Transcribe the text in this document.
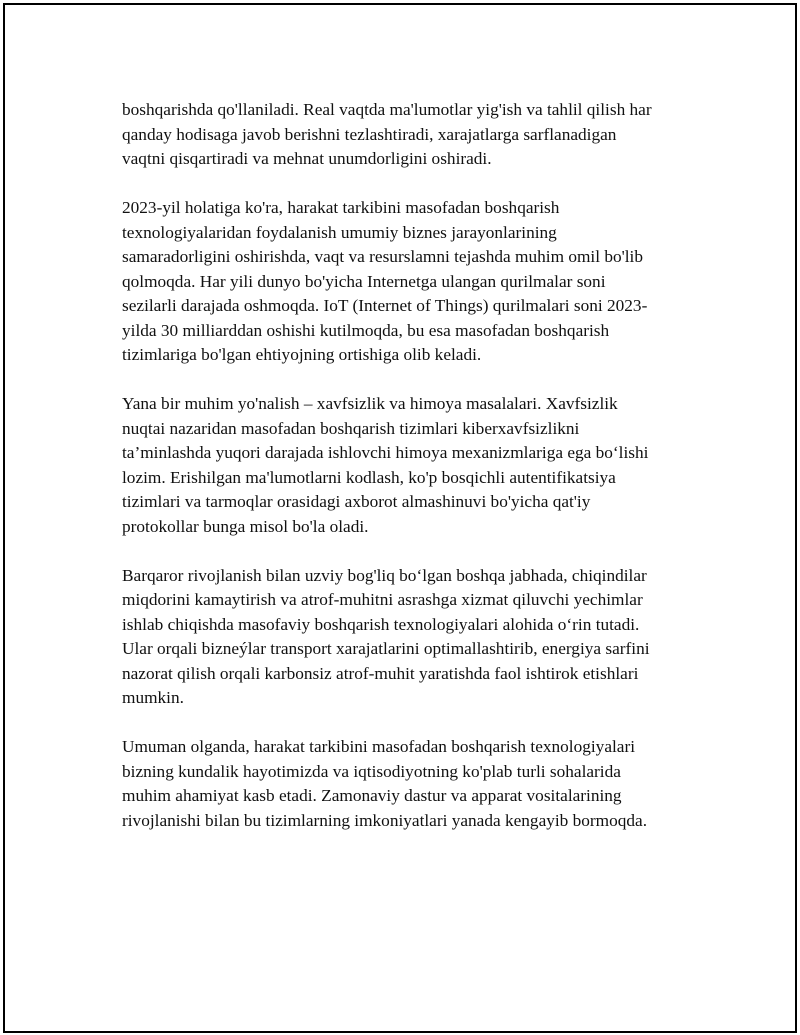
boshqarishda qo'llaniladi. Real vaqtda ma'lumotlar yig'ish va tahlil qilish har
qanday hodisaga javob berishni tezlashtiradi, xarajatlarga sarflanadigan
vaqtni qisqartiradi va mehnat unumdorligini oshiradi.

2023-yil holatiga ko'ra, harakat tarkibini masofadan boshqarish
texnologiyalaridan foydalanish umumiy biznes jarayonlarining
samaradorligini oshirishda, vaqt va resurslamni tejashda muhim omil bo'lib
qolmoqda. Har yili dunyo bo'yicha Internetga ulangan qurilmalar soni
sezilarli darajada oshmoqda. IoT (Internet of Things) qurilmalari soni 2023-
yilda 30 milliarddan oshishi kutilmoqda, bu esa masofadan boshqarish
tizimlariga bo'lgan ehtiyojning ortishiga olib keladi.

Yana bir muhim yo'nalish – xavfsizlik va himoya masalalari. Xavfsizlik
nuqtai nazaridan masofadan boshqarish tizimlari kiberxavfsizlikni
ta’minlashda yuqori darajada ishlovchi himoya mexanizmlariga ega bo‘lishi
lozim. Erishilgan ma'lumotlarni kodlash, ko'p bosqichli autentifikatsiya
tizimlari va tarmoqlar orasidagi axborot almashinuvi bo'yicha qat'iy
protokollar bunga misol bo'la oladi.

Barqaror rivojlanish bilan uzviy bog'liq bo‘lgan boshqa jabhada, chiqindilar
miqdorini kamaytirish va atrof-muhitni asrashga xizmat qiluvchi yechimlar
ishlab chiqishda masofaviy boshqarish texnologiyalari alohida o‘rin tutadi.
Ular orqali bizneýlar transport xarajatlarini optimallashtirib, energiya sarfini
nazorat qilish orqali karbonsiz atrof-muhit yaratishda faol ishtirok etishlari
mumkin.

Umuman olganda, harakat tarkibini masofadan boshqarish texnologiyalari
bizning kundalik hayotimizda va iqtisodiyotning ko'plab turli sohalarida
muhim ahamiyat kasb etadi. Zamonaviy dastur va apparat vositalarining
rivojlanishi bilan bu tizimlarning imkoniyatlari yanada kengayib bormoqda.
